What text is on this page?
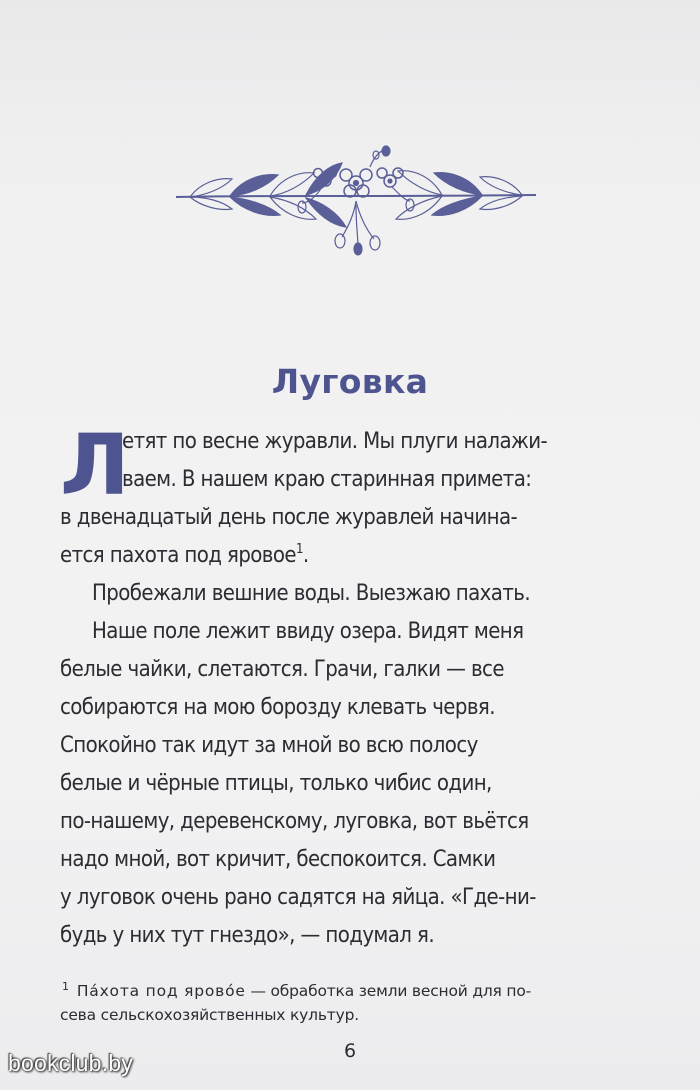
Луговка
Л
етят по весне журавли. Мы плуги налажи-
ваем. В нашем краю старинная примета:
в двенадцатый день после журавлей начина-
ется пахота под яровое$^1$.
Пробежали вешние воды. Выезжаю пахать.
Наше поле лежит ввиду озера. Видят меня
белые чайки, слетаются. Грачи, галки — все
собираются на мою борозду клевать червя.
Спокойно так идут за мной во всю полосу
белые и чёрные птицы, только чибис один,
по-нашему, деревенскому, луговка, вот вьётся
надо мной, вот кричит, беспокоится. Самки
у луговок очень рано садятся на яйца. «Где-ни-
будь у них тут гнездо», — подумал я.
$^1$ Па́хота под ярово́е — обработка земли весной для по-
сева сельскохозяйственных культур.
6
bookclub.by
